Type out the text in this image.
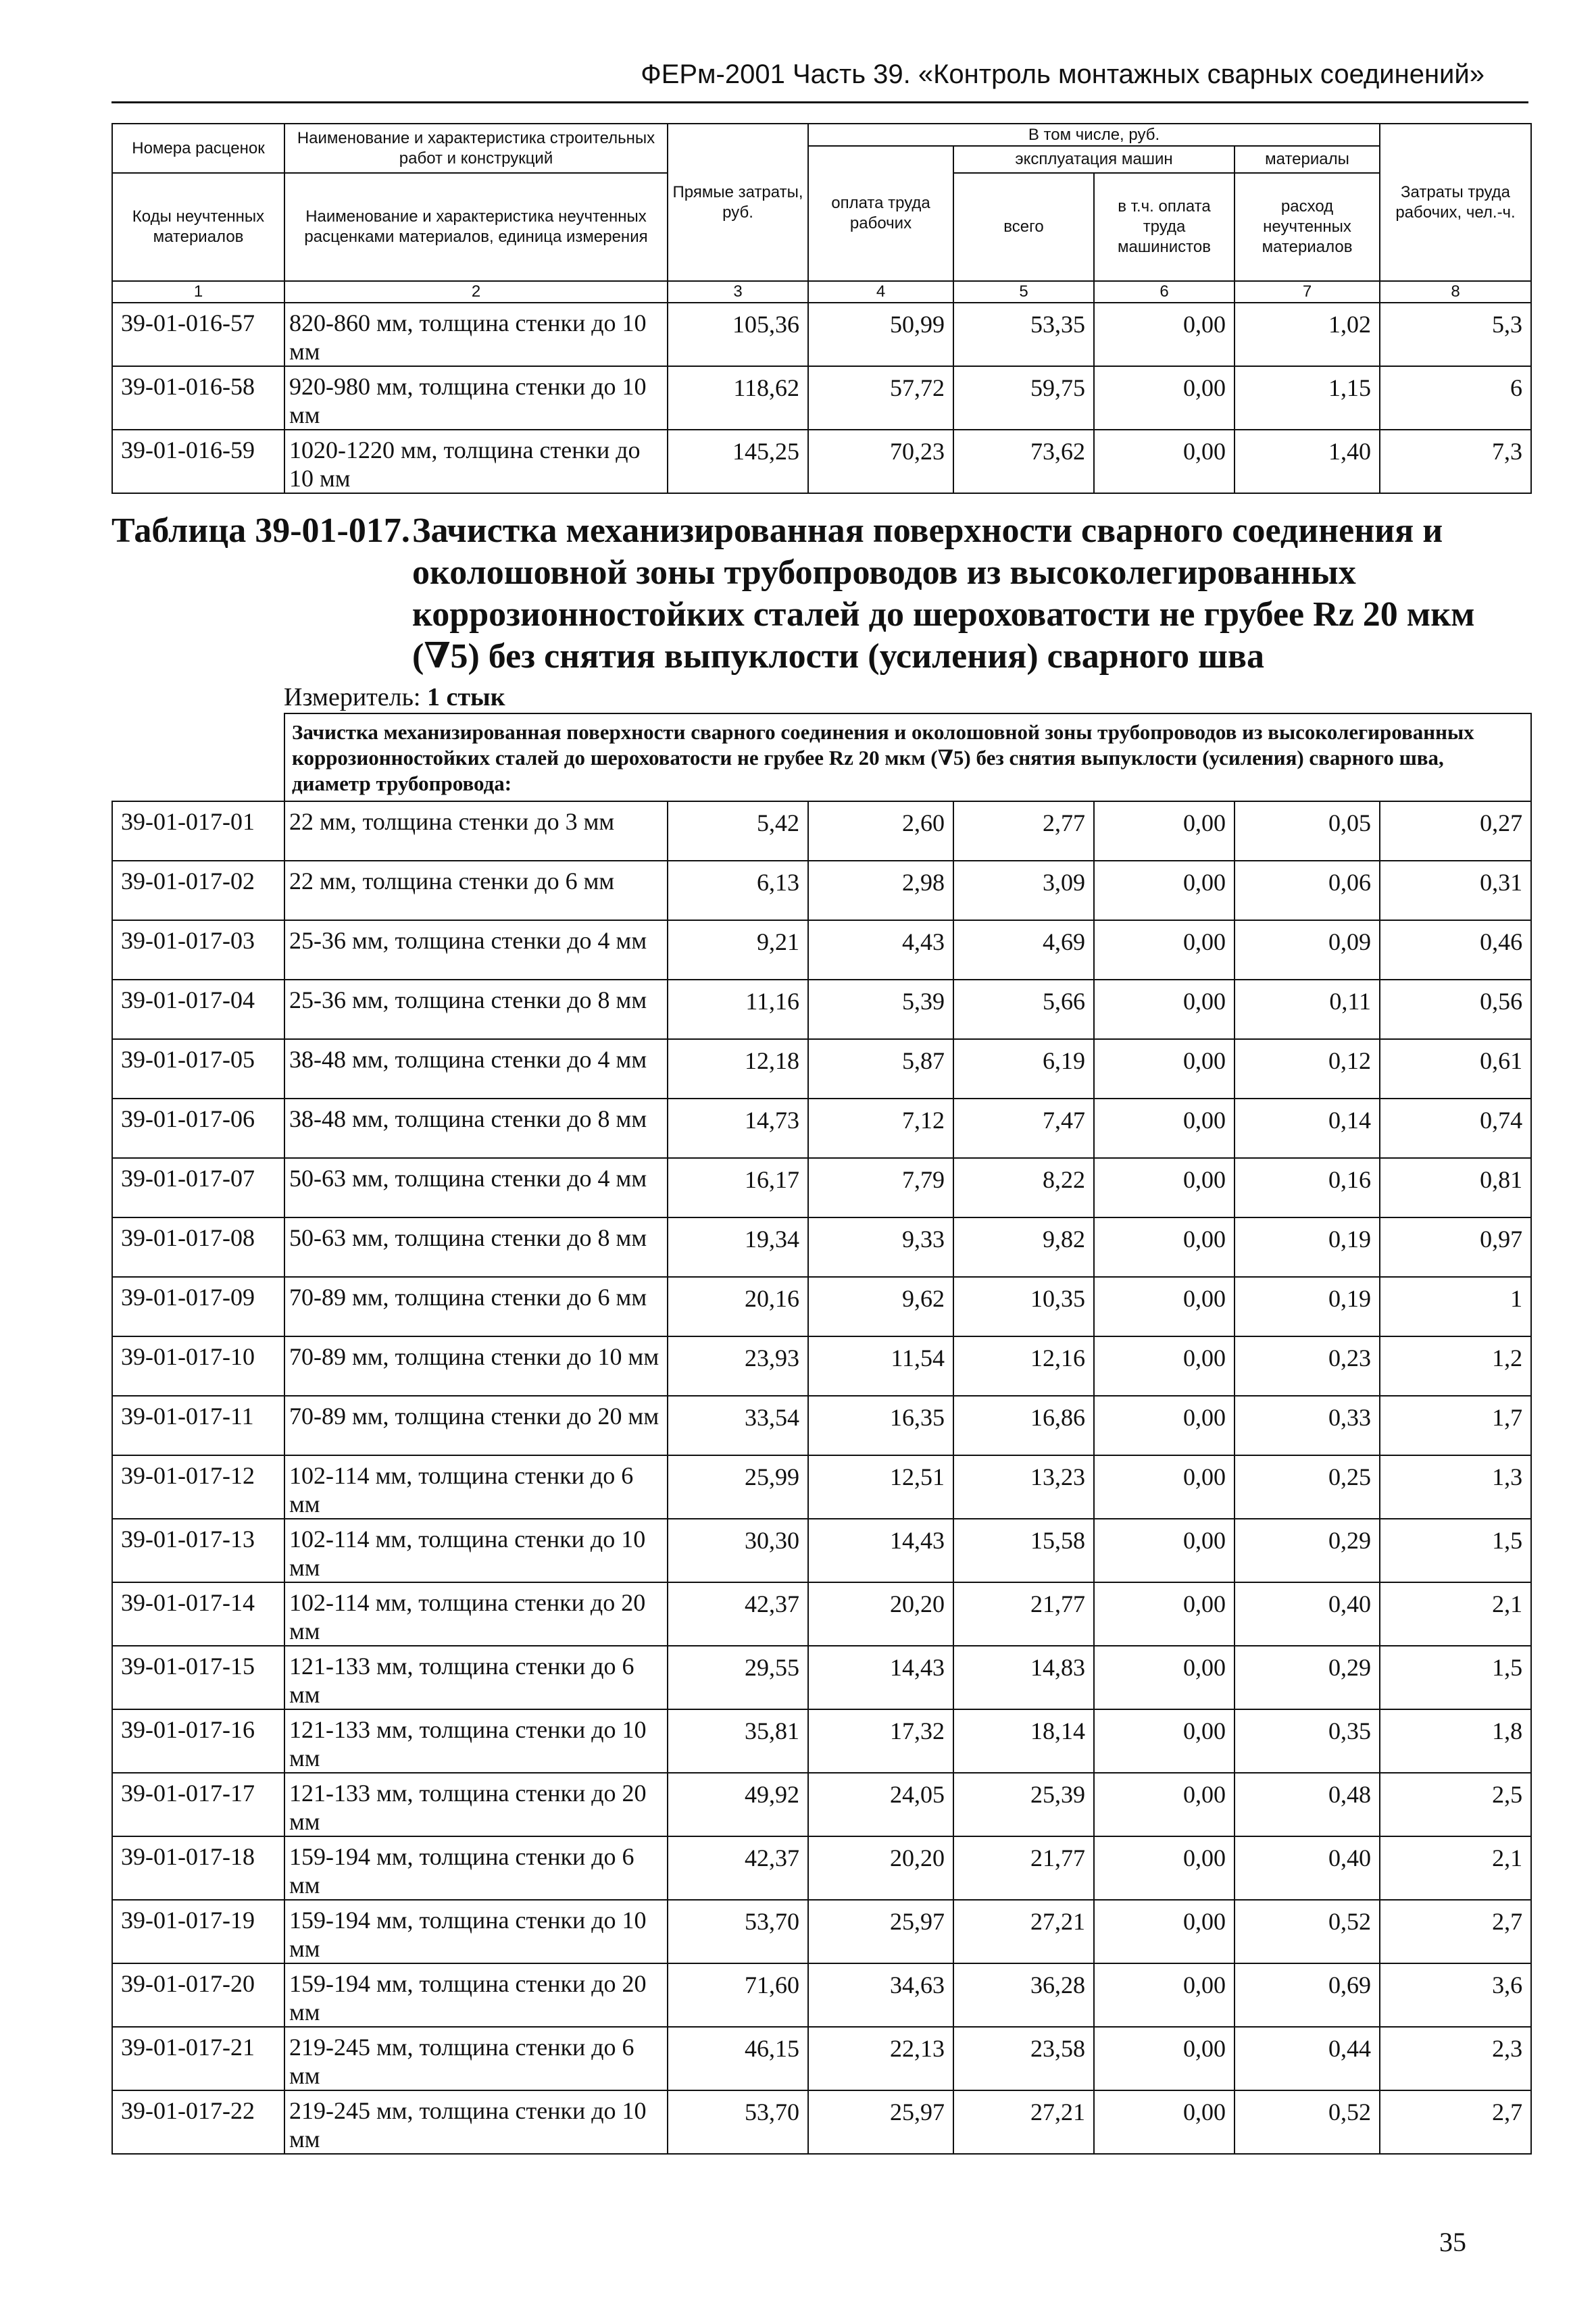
ФЕРм-2001 Часть 39. «Контроль монтажных сварных соединений»
Номера расценок	Наименование и характеристика строительных работ и конструкций	Прямые затраты, руб.	В том числе, руб.				Затраты труда рабочих, чел.-ч.
			оплата труда рабочих	эксплуатация машин		материалы	
Коды неучтенных материалов	Наименование и характеристика неучтенных расценками материалов, единица измерения			всего	в т.ч. оплата труда машинистов	расход неучтенных материалов	

1	2	3	4	5	6	7	8
39-01-016-57	820-860 мм, толщина стенки до 10 мм	105,36	50,99	53,35	0,00	1,02	5,3
39-01-016-58	920-980 мм, толщина стенки до 10 мм	118,62	57,72	59,75	0,00	1,15	6
39-01-016-59	1020-1220 мм, толщина стенки до 10 мм	145,25	70,23	73,62	0,00	1,40	7,3
Таблица 39-01-017.Зачистка механизированная поверхности сварного соединения и околошовной зоны трубопроводов из высоколегированных коррозионностойких сталей до шероховатости не грубее Rz 20 мкм (∇5) без снятия выпуклости (усиления) сварного шва
Измеритель: 1 стык
	Зачистка механизированная поверхности сварного соединения и околошовной зоны трубопроводов из высоколегированных коррозионностойких сталей до шероховатости не грубее Rz 20 мкм (∇5) без снятия выпуклости (усиления) сварного шва, диаметр трубопровода:						
39-01-017-01	22 мм, толщина стенки до 3 мм	5,42	2,60	2,77	0,00	0,05	0,27
39-01-017-02	22 мм, толщина стенки до 6 мм	6,13	2,98	3,09	0,00	0,06	0,31
39-01-017-03	25-36 мм, толщина стенки до 4 мм	9,21	4,43	4,69	0,00	0,09	0,46
39-01-017-04	25-36 мм, толщина стенки до 8 мм	11,16	5,39	5,66	0,00	0,11	0,56
39-01-017-05	38-48 мм, толщина стенки до 4 мм	12,18	5,87	6,19	0,00	0,12	0,61
39-01-017-06	38-48 мм, толщина стенки до 8 мм	14,73	7,12	7,47	0,00	0,14	0,74
39-01-017-07	50-63 мм, толщина стенки до 4 мм	16,17	7,79	8,22	0,00	0,16	0,81
39-01-017-08	50-63 мм, толщина стенки до 8 мм	19,34	9,33	9,82	0,00	0,19	0,97
39-01-017-09	70-89 мм, толщина стенки до 6 мм	20,16	9,62	10,35	0,00	0,19	1
39-01-017-10	70-89 мм, толщина стенки до 10 мм	23,93	11,54	12,16	0,00	0,23	1,2
39-01-017-11	70-89 мм, толщина стенки до 20 мм	33,54	16,35	16,86	0,00	0,33	1,7
39-01-017-12	102-114 мм, толщина стенки до 6 мм	25,99	12,51	13,23	0,00	0,25	1,3
39-01-017-13	102-114 мм, толщина стенки до 10 мм	30,30	14,43	15,58	0,00	0,29	1,5
39-01-017-14	102-114 мм, толщина стенки до 20 мм	42,37	20,20	21,77	0,00	0,40	2,1
39-01-017-15	121-133 мм, толщина стенки до 6 мм	29,55	14,43	14,83	0,00	0,29	1,5
39-01-017-16	121-133 мм, толщина стенки до 10 мм	35,81	17,32	18,14	0,00	0,35	1,8
39-01-017-17	121-133 мм, толщина стенки до 20 мм	49,92	24,05	25,39	0,00	0,48	2,5
39-01-017-18	159-194 мм, толщина стенки до 6 мм	42,37	20,20	21,77	0,00	0,40	2,1
39-01-017-19	159-194 мм, толщина стенки до 10 мм	53,70	25,97	27,21	0,00	0,52	2,7
39-01-017-20	159-194 мм, толщина стенки до 20 мм	71,60	34,63	36,28	0,00	0,69	3,6
39-01-017-21	219-245 мм, толщина стенки до 6 мм	46,15	22,13	23,58	0,00	0,44	2,3
39-01-017-22	219-245 мм, толщина стенки до 10 мм	53,70	25,97	27,21	0,00	0,52	2,7
35
